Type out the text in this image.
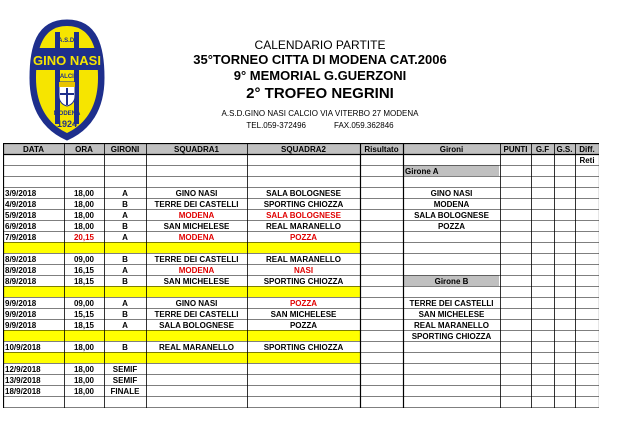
A.S.D.
GINO NASI
CALCIO
MODENA
1924
CALENDARIO PARTITE
35°TORNEO CITTA DI MODENA CAT.2006
9° MEMORIAL G.GUERZONI
2° TROFEO NEGRINI
A.S.D.GINO NASI CALCIO VIA VITERBO 27 MODENA
TEL.059-372496	FAX.059.362846
DATA	ORA	GIRONI	SQUADRA1	SQUADRA2	Risultato	Gironi	PUNTI	G.F G.S. Diff.
Reti
3/9/2018	18,00	A	GINO NASI	SALA BOLOGNESE
4/9/2018	18,00	B	TERRE DEI CASTELLI	SPORTING CHIOZZA
5/9/2018	18,00	A	MODENA	SALA BOLOGNESE
6/9/2018	18,00	B	SAN MICHELESE	REAL MARANELLO
7/9/2018	20,15	A	MODENA	POZZA
8/9/2018	09,00	B	TERRE DEI CASTELLI	REAL MARANELLO
8/9/2018	16,15	A	MODENA	NASI
8/9/2018	18,15	B	SAN MICHELESE	SPORTING CHIOZZA
9/9/2018	09,00	A	GINO NASI	POZZA
9/9/2018	15,15	B	TERRE DEI CASTELLI	SAN MICHELESE
9/9/2018	18,15	A	SALA BOLOGNESE	POZZA
10/9/2018	18,00	B	REAL MARANELLO	SPORTING CHIOZZA
12/9/2018	18,00	SEMIF
13/9/2018	18,00	SEMIF
18/9/2018	18,00	FINALE
Girone A
GINO NASI
MODENA
SALA BOLOGNESE
POZZA
Girone B
TERRE DEI CASTELLI
SAN MICHELESE
REAL MARANELLO
SPORTING CHIOZZA
